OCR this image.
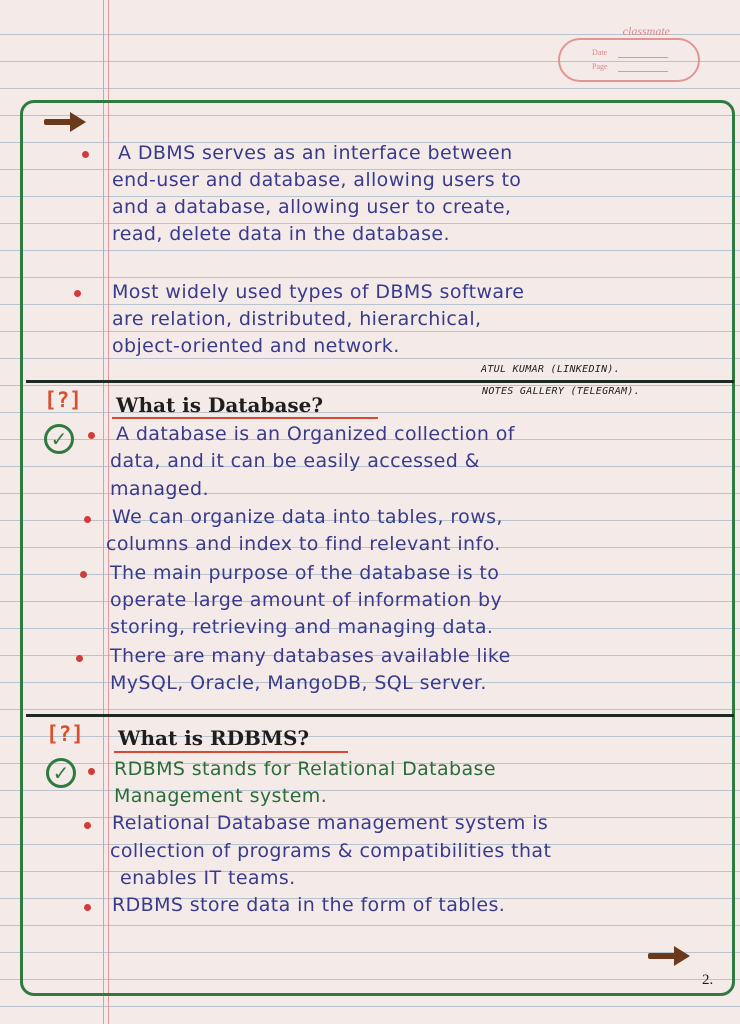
classmate
Date
Page
A DBMS serves as an interface between
end-user and database, allowing users to
and a database, allowing user to create,
read, delete data in the database.
Most widely used types of DBMS software
are relation, distributed, hierarchical,
object-oriented and network.
ATUL KUMAR (LINKEDIN).
NOTES GALLERY (TELEGRAM).
[?] What is Database?
✓	A database is an Organized collection of
data, and it can be easily accessed &
managed.
We can organize data into tables, rows,
columns and index to find relevant info.
The main purpose of the database is to
operate large amount of information by
storing, retrieving and managing data.
There are many databases available like
MySQL, Oracle, MangoDB, SQL server.
[?] What is RDBMS?
✓	RDBMS stands for Relational Database
Management system.
Relational Database management system is
collection of programs & compatibilities that
enables IT teams.
RDBMS store data in the form of tables.
2.
